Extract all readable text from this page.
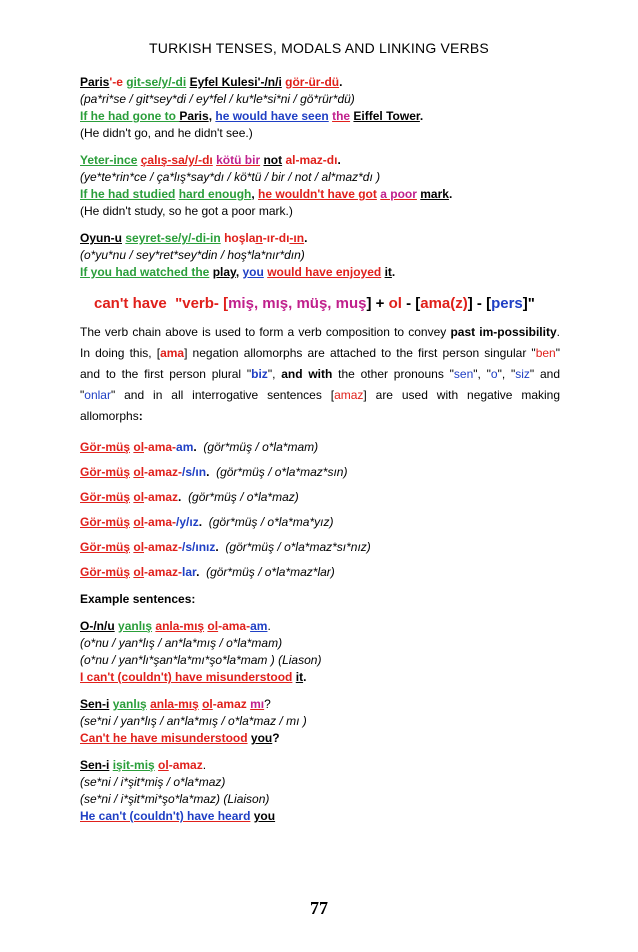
TURKISH TENSES, MODALS AND LINKING VERBS
Paris'-e git-se/y/-di Eyfel Kulesi'-/n/i gör-ür-dü.
(pa*ri*se / git*sey*di / ey*fel / ku*le*si*ni / gö*rür*dü)
If he had gone to Paris, he would have seen the Eiffel Tower.
(He didn't go, and he didn't see.)
Yeter-ince çalış-sa/y/-dı kötü bir not al-maz-dı.
(ye*te*rin*ce / ça*lış*say*dı / kö*tü / bir / not / al*maz*dı )
If he had studied hard enough, he wouldn't have got a poor mark.
(He didn't study, so he got a poor mark.)
Oyun-u seyret-se/y/-di-in hoşlan-ır-dı-ın.
(o*yu*nu / sey*ret*sey*din / hoş*la*nır*dın)
If you had watched the play, you would have enjoyed it.
can't have "verb- [miş, mış, müş, muş] + ol - [ama(z)] - [pers]"
The verb chain above is used to form a verb composition to convey past im-possibility. In doing this, [ama] negation allomorphs are attached to the first person singular "ben" and to the first person plural "biz", and with the other pronouns "sen", "o", "siz" and "onlar" and in all interrogative sentences [amaz] are used with negative making allomorphs:
Gör-müş ol-ama-am. (gör*müş / o*la*mam)
Gör-müş ol-amaz-/s/ın. (gör*müş / o*la*maz*sın)
Gör-müş ol-amaz. (gör*müş / o*la*maz)
Gör-müş ol-ama-/y/ız. (gör*müş / o*la*ma*yız)
Gör-müş ol-amaz-/s/ınız. (gör*müş / o*la*maz*sı*nız)
Gör-müş ol-amaz-lar. (gör*müş / o*la*maz*lar)
Example sentences:
O-/n/u yanlış anla-mış ol-ama-am.
(o*nu / yan*lış / an*la*mış / o*la*mam)
(o*nu / yan*lı*şan*la*mı*şo*la*mam ) (Liason)
I can't (couldn't) have misunderstood it.
Sen-i yanlış anla-mış ol-amaz mı?
(se*ni / yan*lış / an*la*mış / o*la*maz / mı )
Can't he have misunderstood you?
Sen-i işit-miş ol-amaz.
(se*ni / i*şit*miş / o*la*maz)
(se*ni / i*şit*mi*şo*la*maz) (Liaison)
He can't (couldn't) have heard you
77
